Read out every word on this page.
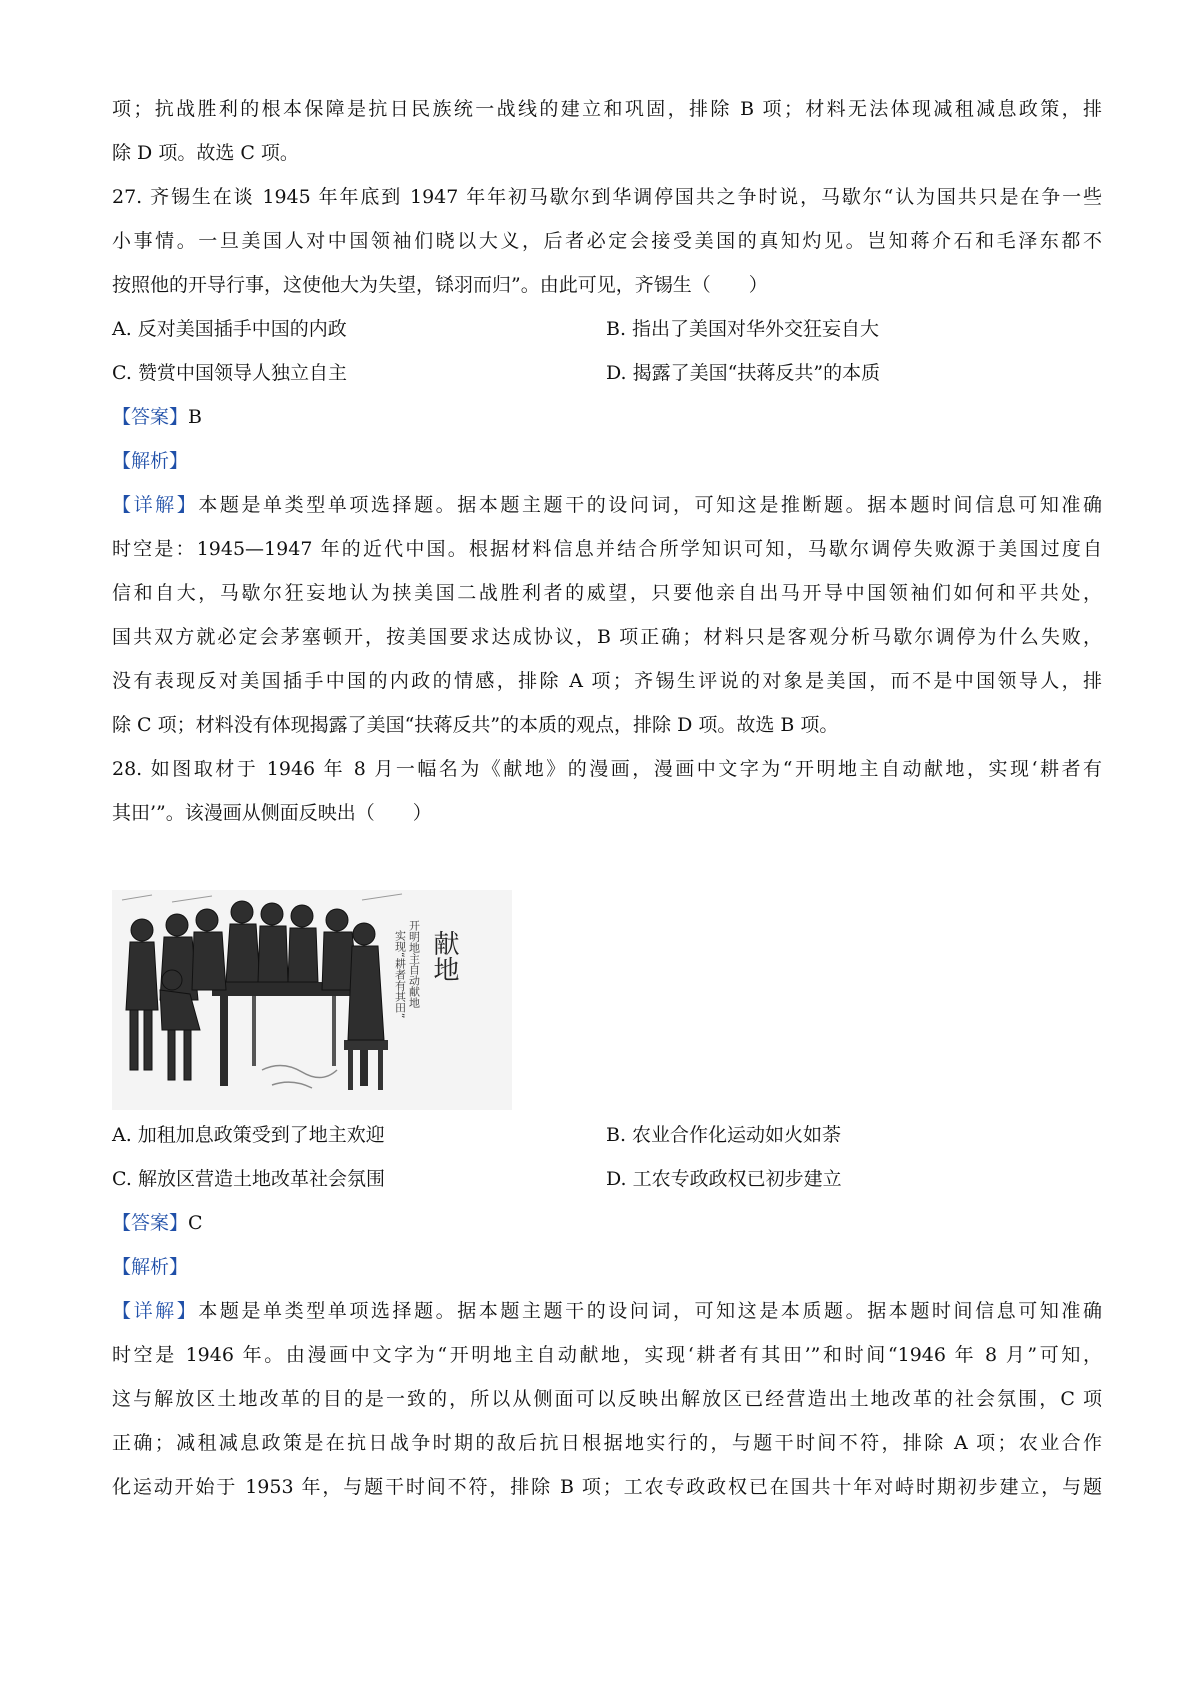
项；抗战胜利的根本保障是抗日民族统一战线的建立和巩固，排除 B 项；材料无法体现减租减息政策，排
除 D 项。故选 C 项。
27. 齐锡生在谈 1945 年年底到 1947 年年初马歇尔到华调停国共之争时说，马歇尔“认为国共只是在争一些
小事情。一旦美国人对中国领袖们晓以大义，后者必定会接受美国的真知灼见。岂知蒋介石和毛泽东都不
按照他的开导行事，这使他大为失望，铩羽而归”。由此可见，齐锡生（　　）
A. 反对美国插手中国的内政	B. 指出了美国对华外交狂妄自大
C. 赞赏中国领导人独立自主	D. 揭露了美国“扶蒋反共”的本质
【答案】B
【解析】
【详解】本题是单类型单项选择题。据本题主题干的设问词，可知这是推断题。据本题时间信息可知准确
时空是：1945—1947 年的近代中国。根据材料信息并结合所学知识可知，马歇尔调停失败源于美国过度自
信和自大，马歇尔狂妄地认为挟美国二战胜利者的威望，只要他亲自出马开导中国领袖们如何和平共处，
国共双方就必定会茅塞顿开，按美国要求达成协议，B 项正确；材料只是客观分析马歇尔调停为什么失败，
没有表现反对美国插手中国的内政的情感，排除 A 项；齐锡生评说的对象是美国，而不是中国领导人，排
除 C 项；材料没有体现揭露了美国“扶蒋反共”的本质的观点，排除 D 项。故选 B 项。
28. 如图取材于 1946 年 8 月一幅名为《献地》的漫画，漫画中文字为“开明地主自动献地，实现‘耕者有
其田’”。该漫画从侧面反映出（　　）
献地
开明地主自动献地
实现“耕者有其田”
A. 加租加息政策受到了地主欢迎	B. 农业合作化运动如火如荼
C. 解放区营造土地改革社会氛围	D. 工农专政政权已初步建立
【答案】C
【解析】
【详解】本题是单类型单项选择题。据本题主题干的设问词，可知这是本质题。据本题时间信息可知准确
时空是 1946 年。由漫画中文字为“开明地主自动献地，实现‘耕者有其田’”和时间“1946 年 8 月”可知，
这与解放区土地改革的目的是一致的，所以从侧面可以反映出解放区已经营造出土地改革的社会氛围，C 项
正确；减租减息政策是在抗日战争时期的敌后抗日根据地实行的，与题干时间不符，排除 A 项；农业合作
化运动开始于 1953 年，与题干时间不符，排除 B 项；工农专政政权已在国共十年对峙时期初步建立，与题
